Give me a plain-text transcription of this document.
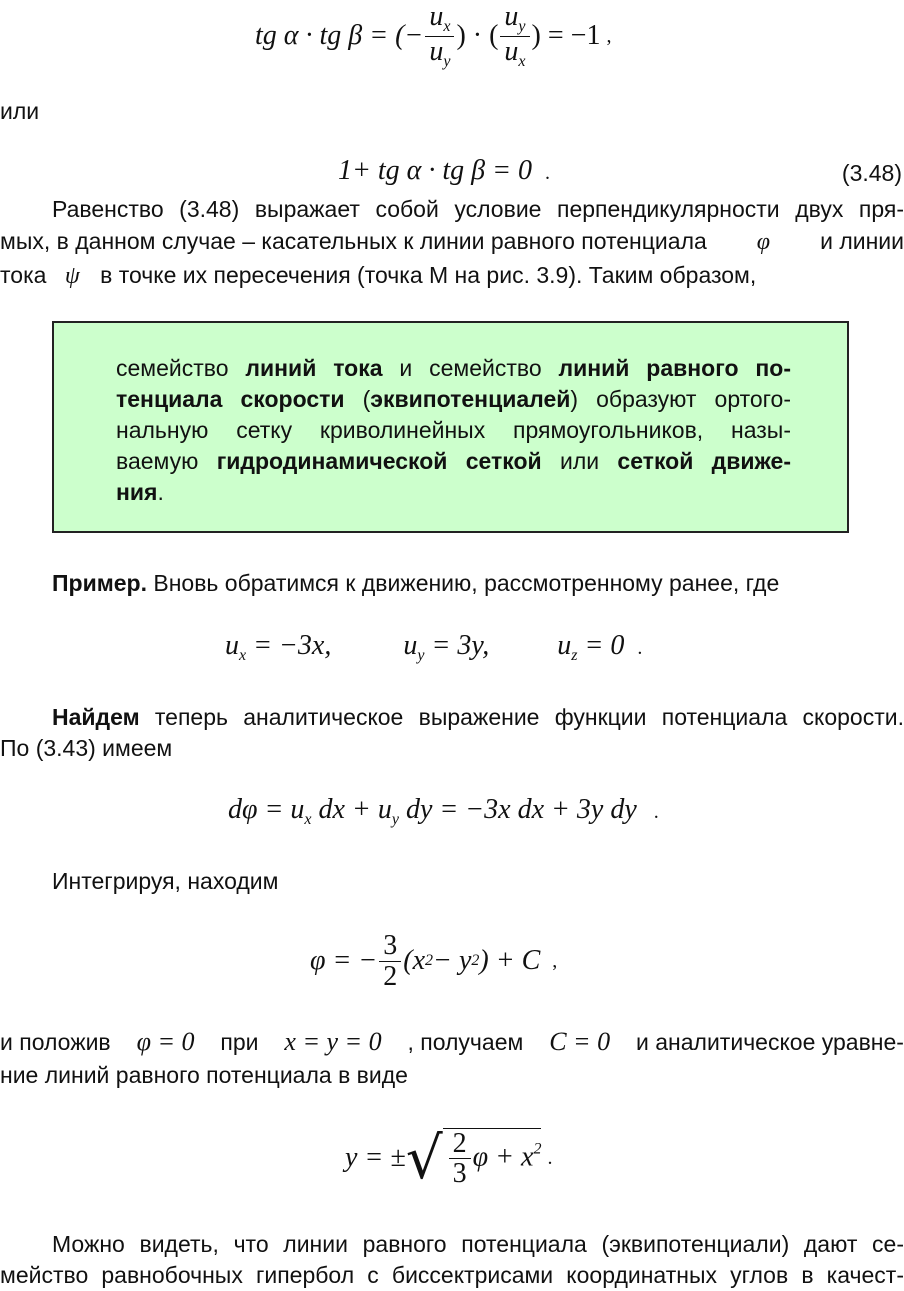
tg α · tg β = (− $\frac{u_x}{u_y}$ ) · ( $\frac{u_y}{u_x}$ ) = −1 ,
или
1+ tg α · tg β = 0 .	(3.48)
Равенство (3.48) выражает собой условие перпендикулярности двух пря-
мых, в данном случае – касательных к линии равного потенциала φ и линии
тока ψ в точке их пересечения (точка М на рис. 3.9). Таким образом,
семейство линий тока и семейство линий равного по-
тенциала скорости (эквипотенциалей) образуют ортого-
нальную сетку криволинейных прямоугольников, назы-
ваемую гидродинамической сеткой или сеткой движе-
ния.
Пример. Вновь обратимся к движению, рассмотренному ранее, где
$u_x = -3x$,	$u_y = 3y$, $u_z = 0$ .
Найдем теперь аналитическое выражение функции потенциала скорости.
По (3.43) имеем
$d\varphi = u_x$ dx + $u_y$ dy = −3x dx + 3y dy .
Интегрируя, находим
φ = − $\frac{3}{2} (x$ 2 − y 2 ) + C ,
и положив φ = 0 при x = y = 0 , получаем C = 0 и аналитическое уравне-
ние линий равного потенциала в виде
y = ± √ $\frac{2}{3}$ $\varphi + x^2$ .
Можно видеть, что линии равного потенциала (эквипотенциали) дают се-
мейство равнобочных гипербол с биссектрисами координатных углов в качест-
